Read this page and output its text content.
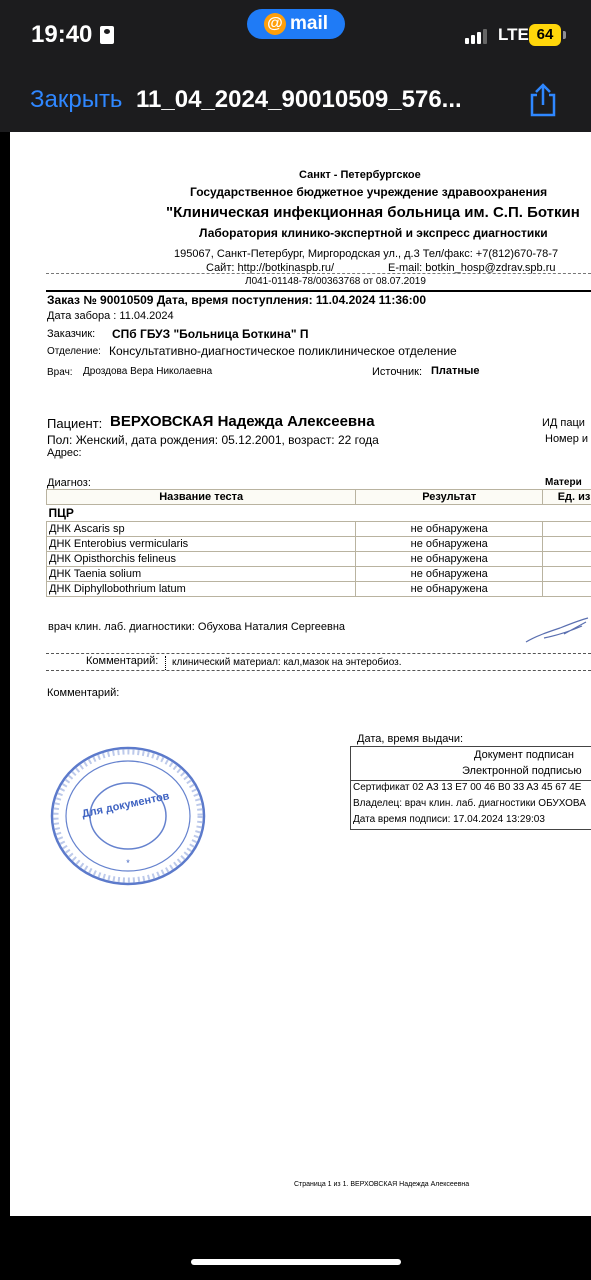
19:40	@ mail
LTE 64
Закрыть 11_04_2024_90010509_576...
Санкт - Петербургское
Государственное бюджетное учреждение здравоохранения
"Клиническая инфекционная больница им. С.П. Боткин
Лаборатория клинико-экспертной и экспресс диагностики
195067, Санкт-Петербург, Миргородская ул., д.3 Тел/факс: +7(812)670-78-7
Сайт: http://botkinaspb.ru/	E-mail: botkin_hosp@zdrav.spb.ru
Л041-01148-78/00363768 от 08.07.2019
Заказ № 90010509 Дата, время поступления: 11.04.2024 11:36:00
Дата забора : 11.04.2024
Заказчик: СПб ГБУЗ "Больница Боткина" П
Отделение: Консультативно-диагностическое поликлиническое отделение
Врач: Дроздова Вера Николаевна	Источник: Платные
Пациент: ВЕРХОВСКАЯ Надежда Алексеевна	ИД паци
Пол: Женский, дата рождения: 05.12.2001, возраст: 22 года	Номер и
Адрес:
Диагноз:	Матери
Название теста	Результат	Ед. из
ПЦР		
ДНК Ascaris sp	не обнаружена	
ДНК Enterobius vermicularis	не обнаружена	
ДНК Opisthorchis felineus	не обнаружена	
ДНК Taenia solium	не обнаружена	
ДНК Diphyllobothrium latum	не обнаружена	
врач клин. лаб. диагностики: Обухова Наталия Сергеевна
Комментарий: клинический материал: кал,мазок на энтеробиоз.
Комментарий:
Дата, время выдачи:
Документ подписан
Электронной подписью
Сертификат 02 A3 13 E7 00 46 B0 33 A3 45 67 4E
Владелец: врач клин. лаб. диагностики ОБУХОВА
Дата время подписи: 17.04.2024 13:29:03
Для документов
*
Страница 1 из 1. ВЕРХОВСКАЯ Надежда Алексеевна
